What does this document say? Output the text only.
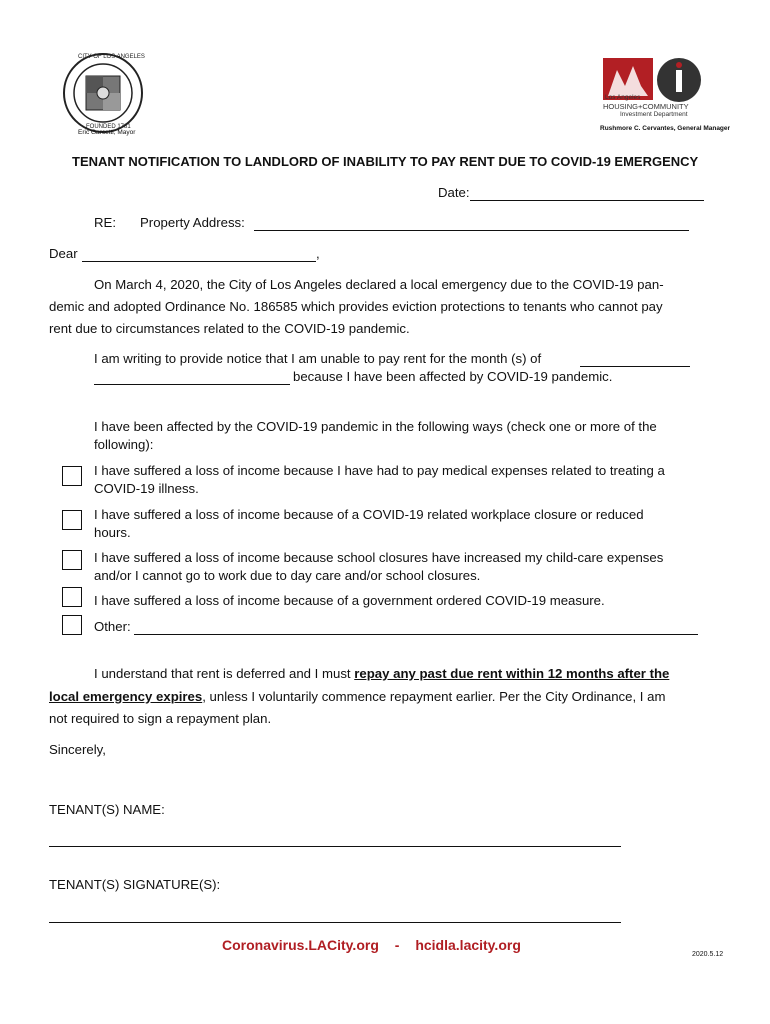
CITY OF LOS ANGELES
FOUNDED 1781
Eric Garcetti, Mayor
Los Angeles
HOUSING+COMMUNITY
Investment Department
Rushmore C. Cervantes, General Manager
TENANT NOTIFICATION TO LANDLORD OF INABILITY TO PAY RENT DUE TO COVID-19 EMERGENCY
Date:
RE: Property Address:
Dear	,
On March 4, 2020, the City of Los Angeles declared a local emergency due to the COVID-19 pan-
demic and adopted Ordinance No. 186585 which provides eviction protections to tenants who cannot pay
rent due to circumstances related to the COVID-19 pandemic.
I am writing to provide notice that I am unable to pay rent for the month (s) of
because I have been affected by COVID-19 pandemic.
I have been affected by the COVID-19 pandemic in the following ways (check one or more of the
following):
I have suffered a loss of income because I have had to pay medical expenses related to treating a
COVID-19 illness.
I have suffered a loss of income because of a COVID-19 related workplace closure or reduced
hours.
I have suffered a loss of income because school closures have increased my child-care expenses
and/or I cannot go to work due to day care and/or school closures.
I have suffered a loss of income because of a government ordered COVID-19 measure.
Other:
I understand that rent is deferred and I must repay any past due rent within 12 months after the
local emergency expires, unless I voluntarily commence repayment earlier. Per the City Ordinance, I am
not required to sign a repayment plan.
Sincerely,
TENANT(S) NAME:
TENANT(S) SIGNATURE(S):
Coronavirus.LACity.org - hcidla.lacity.org
2020.5.12
